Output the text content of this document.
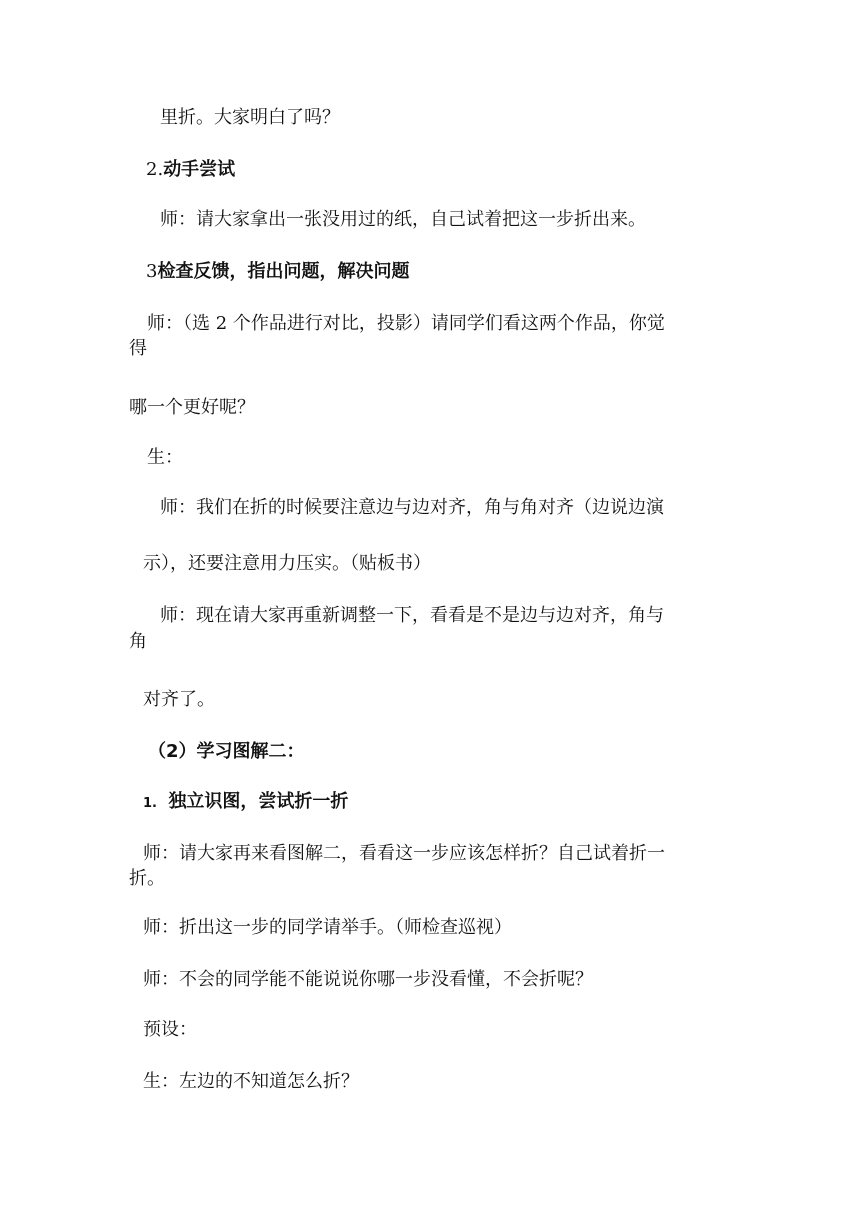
里折。大家明白了吗？
2.动手尝试
师：请大家拿出一张没用过的纸，自己试着把这一步折出来。
3检查反馈，指出问题，解决问题
师：（选 2 个作品进行对比，投影）请同学们看这两个作品，你觉
得
哪一个更好呢？
生：
师：我们在折的时候要注意边与边对齐，角与角对齐（边说边演
示），还要注意用力压实。（贴板书）
师：现在请大家再重新调整一下，看看是不是边与边对齐，角与
角
对齐了。
（2）学习图解二：
1. 独立识图，尝试折一折
师：请大家再来看图解二，看看这一步应该怎样折？自己试着折一
折。
师：折出这一步的同学请举手。（师检查巡视）
师：不会的同学能不能说说你哪一步没看懂，不会折呢？
预设：
生：左边的不知道怎么折？
